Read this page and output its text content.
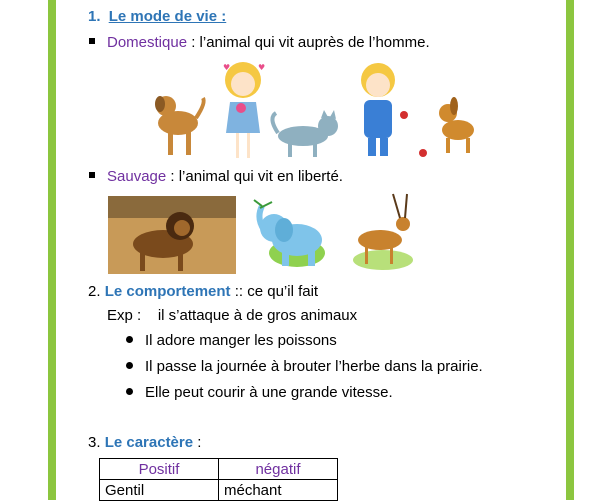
1. Le mode de vie :
Domestique : l’animal qui vit auprès de l’homme.
♥	♥
Sauvage : l’animal qui vit en liberté.
2. Le comportement :: ce qu’il fait
Exp :    il s’attaque à de gros animaux
Il adore manger les poissons
Il passe la journée à brouter l’herbe dans la prairie.
Elle peut courir à une grande vitesse.
3. Le caractère :
Positif	négatif
Gentil	méchant
